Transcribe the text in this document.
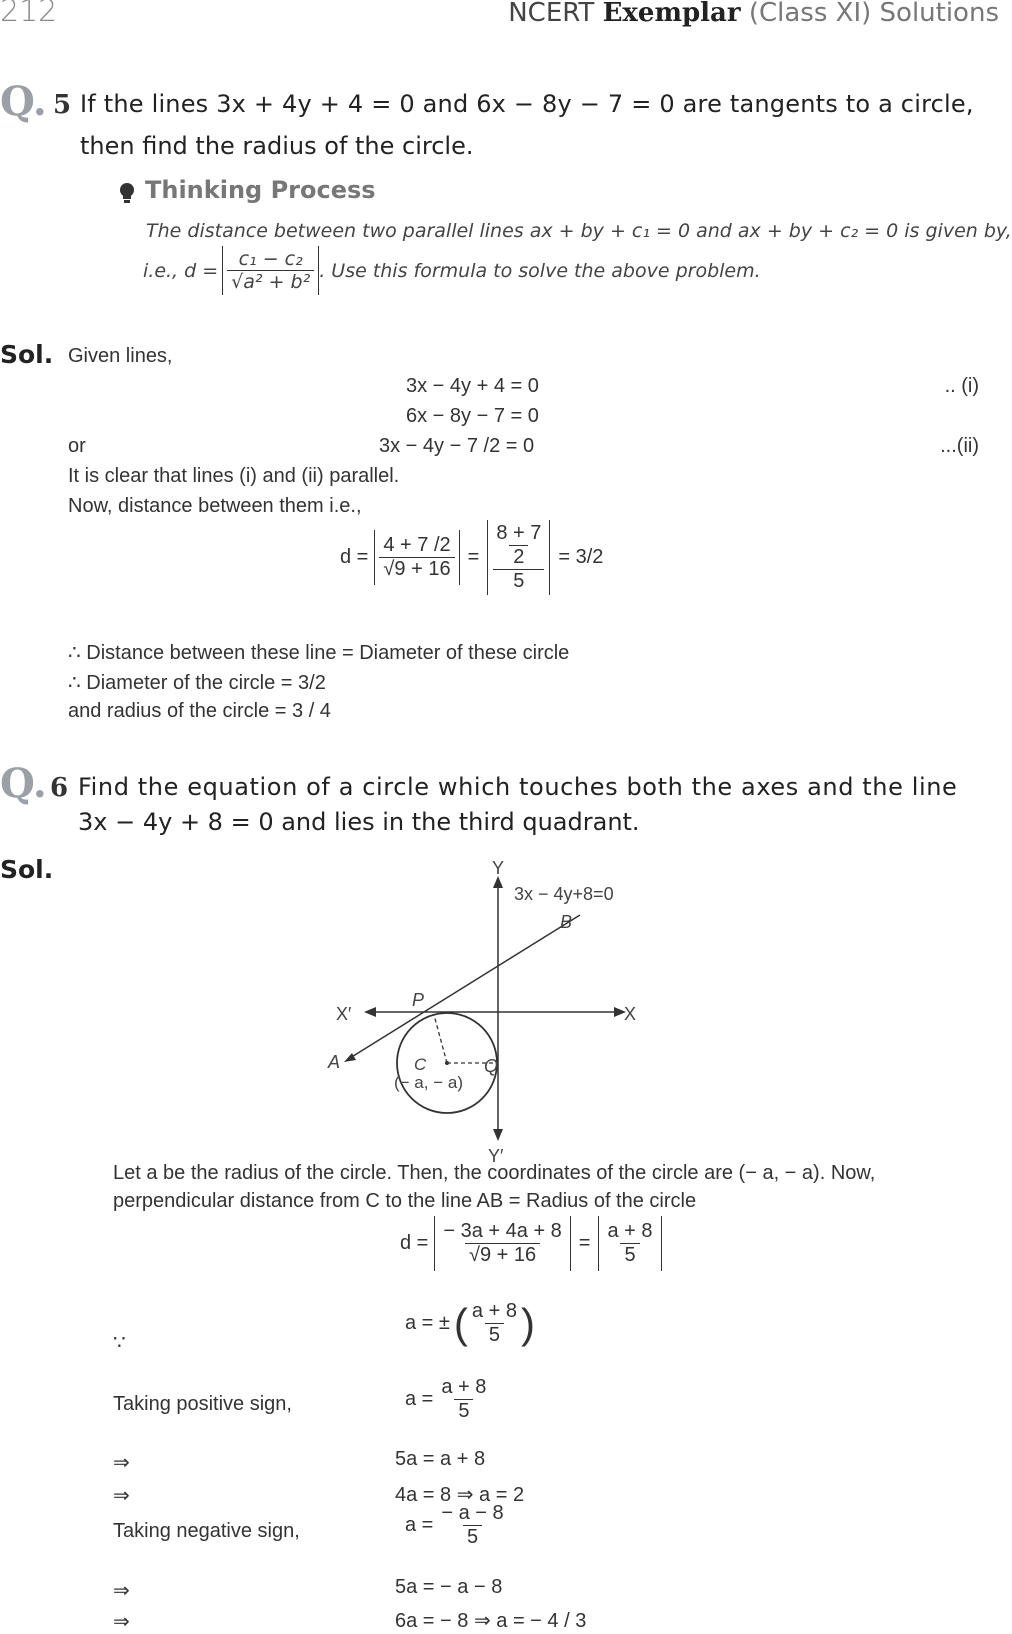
212	NCERT Exemplar (Class XI) Solutions
Q. 5 If the lines 3x + 4y + 4 = 0 and 6x − 8y − 7 = 0 are tangents to a circle,
then find the radius of the circle.
Thinking Process
The distance between two parallel lines ax + by + c₁ = 0 and ax + by + c₂ = 0 is given by,
i.e., $d = \frac{\text{c₁ − c₂}}{\text{√a² + b²}}$ . Use this formula to solve the above problem.
Sol. Given lines,
3x − 4y + 4 = 0	.. (i)
6x − 8y − 7 = 0
or	3x − 4y − 7 /2 = 0	...(ii)
It is clear that lines (i) and (ii) parallel.
Now, distance between them i.e.,
$d = \frac{4 + 7 /2}{√9 + 16} = 8 + 7$
2
5 = 3/2
∴ Distance between these line = Diameter of these circle
∴ Diameter of the circle = 3/2
and radius of the circle = 3 / 4
Q. 6 Find the equation of a circle which touches both the axes and the line
3x − 4y + 8 = 0 and lies in the third quadrant.
Sol.	Y
Y′
X
X′
3x − 4y+8=0
B
A
P
Q
C
(− a, − a)
Let a be the radius of the circle. Then, the coordinates of the circle are (− a, − a). Now,
perpendicular distance from C to the line AB = Radius of the circle
$d = \frac{- 3a + 4a + 8}{√9 + 16} = \frac{a + 8}{5}$
∵
a = ± ( $\frac{a + 8}{5}$ )
Taking positive sign,	$a = \frac{a + 8}{5}$
⇒	5a = a + 8
⇒	4a = 8 ⇒ a = 2
Taking negative sign,	$a = \frac{- a - 8}{5}$
⇒	5a = − a − 8
⇒	6a = − 8 ⇒ a = − 4 / 3
